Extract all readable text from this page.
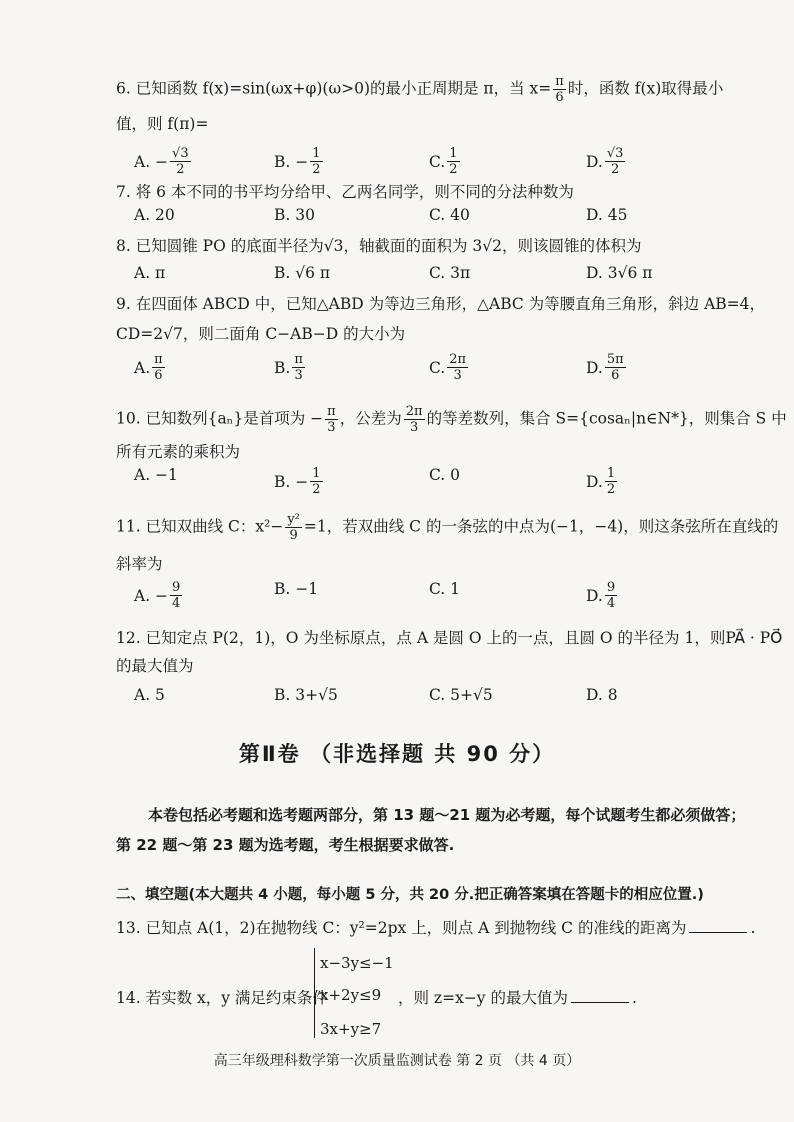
6. 已知函数 f(x)=sin(ωx+φ)(ω>0)的最小正周期是 π，当 $x= \frac{\pi}{6}$ 时，函数 f(x)取得最小
值，则 f(π)=
A. − $\frac{√3}{2}$	B. − $\frac{1}{2}$	C. $\frac{1}{2}$	D. $\frac{√3}{2}$
7. 将 6 本不同的书平均分给甲、乙两名同学，则不同的分法种数为
A. 20	B. 30	C. 40	D. 45
8. 已知圆锥 PO 的底面半径为√3，轴截面的面积为 3√2，则该圆锥的体积为
A. π	B. √6 π	C. 3π	D. 3√6 π
9. 在四面体 ABCD 中，已知△ABD 为等边三角形，△ABC 为等腰直角三角形，斜边 AB=4，
CD=2√7，则二面角 C−AB−D 的大小为
A. $\frac{\pi}{6}$	B. $\frac{\pi}{3}$	C. $\frac{2\pi}{3}$	D. $\frac{5\pi}{6}$
10. 已知数列{aₙ}是首项为 − $\frac{\pi}{3}$ ，公差为 $\frac{2\pi}{3}$ 的等差数列，集合 S={cosaₙ|n∈N*}，则集合 S 中
所有元素的乘积为
A. −1	B. − $\frac{1}{2}$	C. 0	D. $\frac{1}{2}$
11. 已知双曲线 C：$x^2- \frac{\text{y²}}{9} =1$，若双曲线 C 的一条弦的中点为(−1，−4)，则这条弦所在直线的
斜率为
A. − $\frac{9}{4}$	B. −1	C. 1	D. $\frac{9}{4}$
12. 已知定点 P(2，1)，O 为坐标原点，点 A 是圆 O 上的一点，且圆 O 的半径为 1，则PA⃗ · PO⃗
的最大值为
A. 5	B. 3+√5	C. 5+√5	D. 8
第Ⅱ卷 （非选择题 共 90 分）
本卷包括必考题和选考题两部分，第 13 题～21 题为必考题，每个试题考生都必须做答；第 22 题～第 23 题为选考题，考生根据要求做答.
二、填空题(本大题共 4 小题，每小题 5 分，共 20 分.把正确答案填在答题卡的相应位置.)
13. 已知点 A(1，2)在抛物线 C：y²=2px 上，则点 A 到抛物线 C 的准线的距离为	.
x−3y≤−1
x+2y≤9
3x+y≥7
14. 若实数 x，y 满足约束条件	，则 z=x−y 的最大值为	.
高三年级理科数学第一次质量监测试卷 第 2 页 （共 4 页）
